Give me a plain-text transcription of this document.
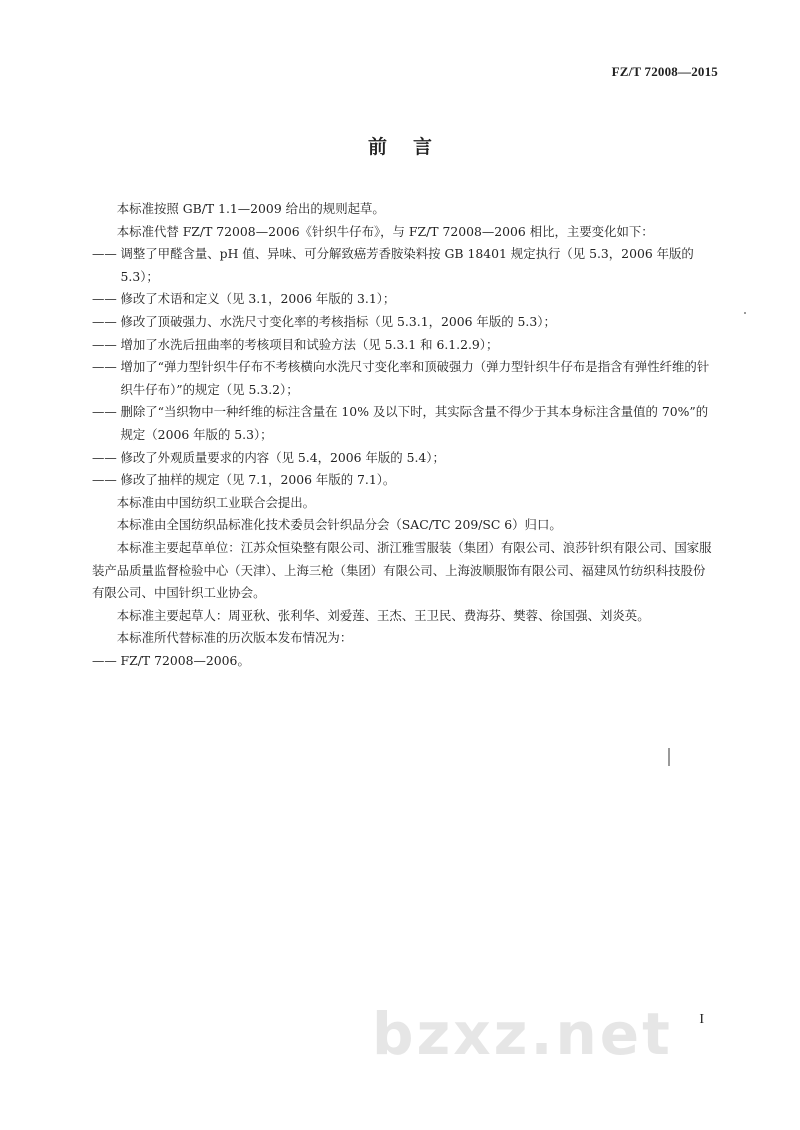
FZ/T 72008—2015
前言

本标准按照 GB/T 1.1—2009 给出的规则起草。

本标准代替 FZ/T 72008—2006《针织牛仔布》，与 FZ/T 72008—2006 相比，主要变化如下：

—— 调整了甲醛含量、pH 值、异味、可分解致癌芳香胺染料按 GB 18401 规定执行（见 5.3，2006 年版的 5.3）；

—— 修改了术语和定义（见 3.1，2006 年版的 3.1）；

—— 修改了顶破强力、水洗尺寸变化率的考核指标（见 5.3.1，2006 年版的 5.3）；

—— 增加了水洗后扭曲率的考核项目和试验方法（见 5.3.1 和 6.1.2.9）；

—— 增加了“弹力型针织牛仔布不考核横向水洗尺寸变化率和顶破强力（弹力型针织牛仔布是指含有弹性纤维的针织牛仔布）”的规定（见 5.3.2）；

—— 删除了“当织物中一种纤维的标注含量在 10% 及以下时，其实际含量不得少于其本身标注含量值的 70%”的规定（2006 年版的 5.3）；

—— 修改了外观质量要求的内容（见 5.4，2006 年版的 5.4）；

—— 修改了抽样的规定（见 7.1，2006 年版的 7.1）。

本标准由中国纺织工业联合会提出。

本标准由全国纺织品标准化技术委员会针织品分会（SAC/TC 209/SC 6）归口。

本标准主要起草单位：江苏众恒染整有限公司、浙江雅雪服装（集团）有限公司、浪莎针织有限公司、国家服装产品质量监督检验中心（天津）、上海三枪（集团）有限公司、上海波顺服饰有限公司、福建凤竹纺织科技股份有限公司、中国针织工业协会。

本标准主要起草人：周亚秋、张利华、刘爱莲、王杰、王卫民、费海芬、樊蓉、徐国强、刘炎英。

本标准所代替标准的历次版本发布情况为：

—— FZ/T 72008—2006。

bzxz.net I
